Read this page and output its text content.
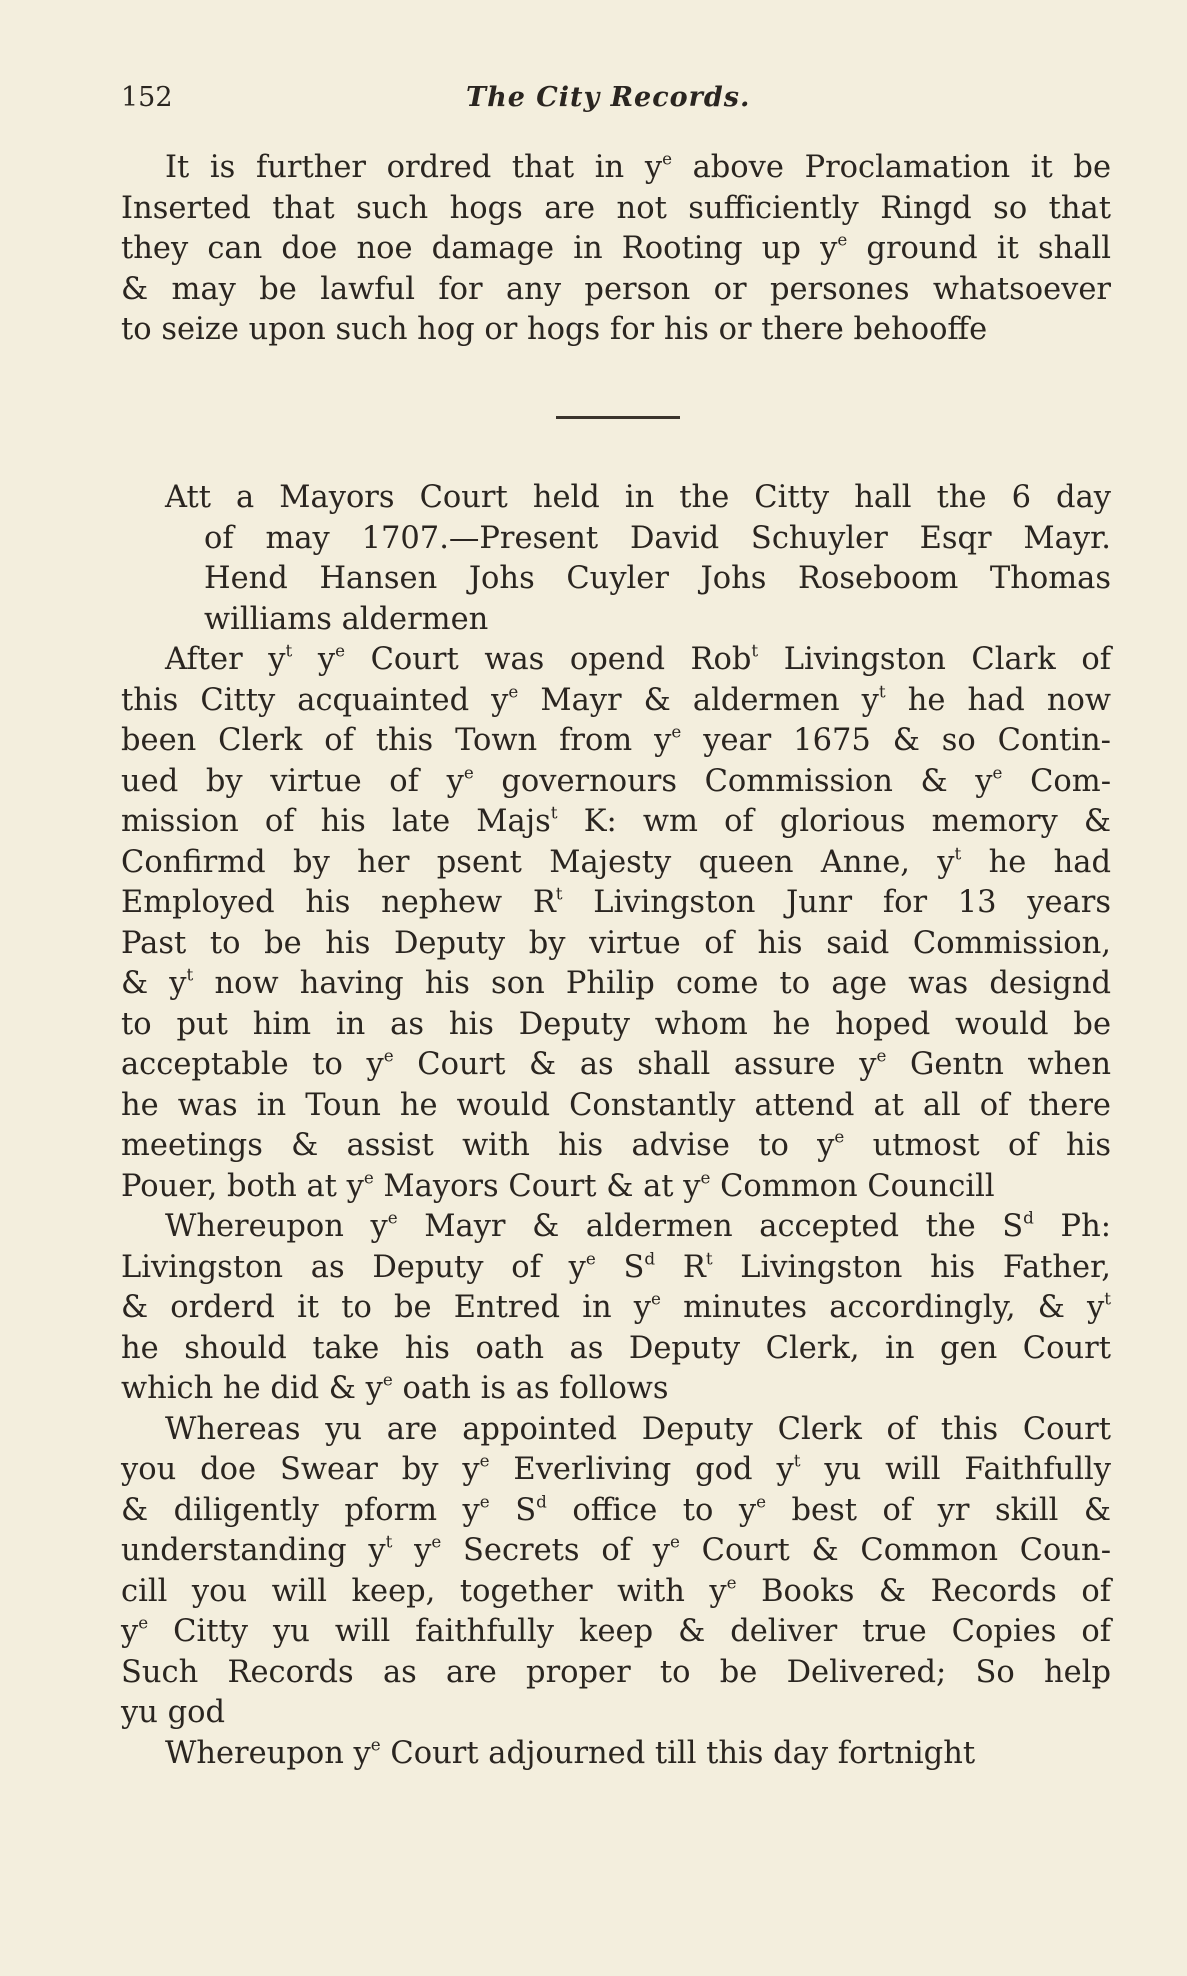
152	The City Records.
It is further ordred that in $y^e$ above Proclamation it be
Inserted that such hogs are not sufficiently Ringd so that
they can doe noe damage in Rooting up $y^e$ ground it shall
& may be lawful for any person or persones whatsoever
to seize upon such hog or hogs for his or there behooffe
Att a Mayors Court held in the Citty hall the 6 day
of may 1707.—Present David Schuyler Esqr Mayr.
Hend Hansen Johs Cuyler Johs Roseboom Thomas
williams aldermen
After $y^t$ $y^e$ Court was opend Rob$^t$ Livingston Clark of
this Citty acquainted $y^e$ Mayr & aldermen $y^t$ he had now
been Clerk of this Town from $y^e$ year 1675 & so Contin-
ued by virtue of $y^e$ governours Commission & $y^e$ Com-
mission of his late Majs$^t$ K: wm of glorious memory &
Confirmd by her psent Majesty queen Anne, $y^t$ he had
Employed his nephew $R^t$ Livingston Junr for 13 years
Past to be his Deputy by virtue of his said Commission,
& $y^t$ now having his son Philip come to age was designd
to put him in as his Deputy whom he hoped would be
acceptable to $y^e$ Court & as shall assure $y^e$ Gentn when
he was in Toun he would Constantly attend at all of there
meetings & assist with his advise to $y^e$ utmost of his
Pouer, both at $y^e$ Mayors Court & at $y^e$ Common Councill
Whereupon $y^e$ Mayr & aldermen accepted the $S^d$ Ph:
Livingston as Deputy of $y^e$ $S^d$ $R^t$ Livingston his Father,
& orderd it to be Entred in $y^e$ minutes accordingly, & $y^t$
he should take his oath as Deputy Clerk, in gen Court
which he did & $y^e$ oath is as follows
Whereas yu are appointed Deputy Clerk of this Court
you doe Swear by $y^e$ Everliving god $y^t$ yu will Faithfully
& diligently pform $y^e$ $S^d$ office to $y^e$ best of yr skill &
understanding $y^t$ $y^e$ Secrets of $y^e$ Court & Common Coun-
cill you will keep, together with $y^e$ Books & Records of
$y^e$ Citty yu will faithfully keep & deliver true Copies of
Such Records as are proper to be Delivered; So help
yu god
Whereupon $y^e$ Court adjourned till this day fortnight
